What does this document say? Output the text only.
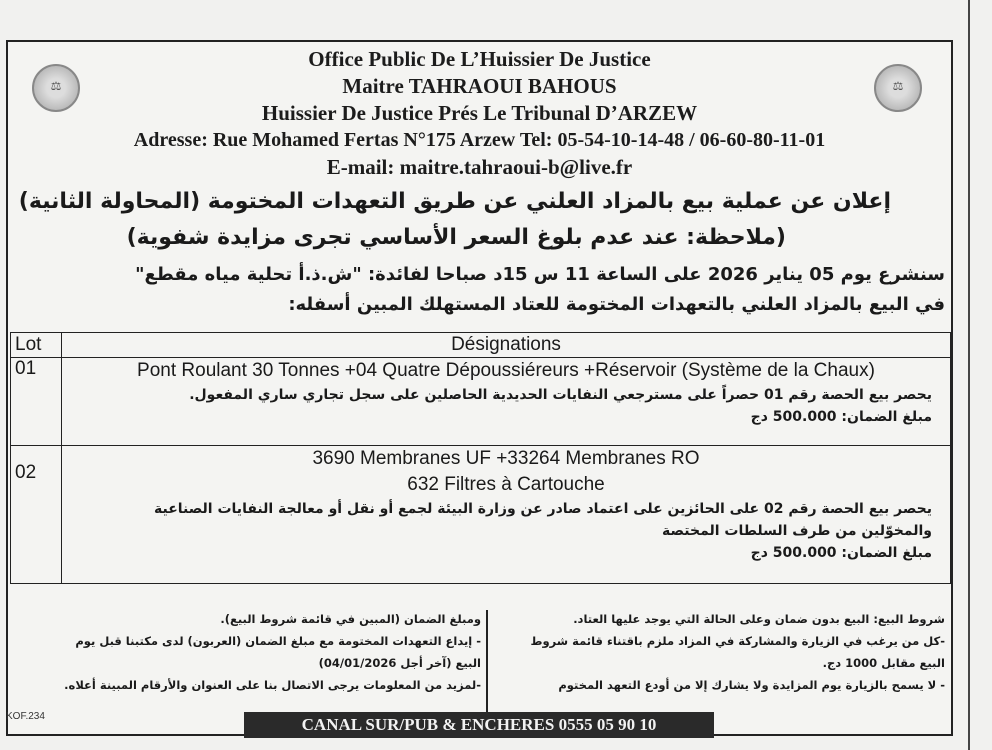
⚖	⚖
Office Public De L’Huissier De Justice
Maitre TAHRAOUI BAHOUS
Huissier De Justice Prés Le Tribunal D’ARZEW
Adresse: Rue Mohamed Fertas N°175 Arzew Tel: 05-54-10-14-48 / 06-60-80-11-01
E-mail: maitre.tahraoui-b@live.fr
إعلان عن عملية بيع بالمزاد العلني عن طريق التعهدات المختومة (المحاولة الثانية)
(ملاحظة: عند عدم بلوغ السعر الأساسي تجرى مزايدة شفوية)
سنشرع يوم 05 يناير 2026 على الساعة 11 س 15د صباحا لفائدة: "ش.ذ.أ تحلية مياه مقطع"
في البيع بالمزاد العلني بالتعهدات المختومة للعتاد المستهلك المبين أسفله:
Lot	Désignations
01	Pont Roulant 30 Tonnes +04 Quatre Dépoussiéreurs +Réservoir (Système de la Chaux)
يحصر بيع الحصة رقم 01 حصراً على مسترجعي النفايات الحديدية الحاصلين على سجل تجاري ساري المفعول.
مبلغ الضمان: 500.000 دج

02	3690 Membranes UF +33264 Membranes RO
632 Filtres à Cartouche
يحصر بيع الحصة رقم 02 على الحائزين على اعتماد صادر عن وزارة البيئة لجمع أو نقل أو معالجة النفايات الصناعية
والمخوّلين من طرف السلطات المختصة
مبلغ الضمان: 500.000 دج
شروط البيع: البيع بدون ضمان وعلى الحالة التي يوجد عليها العتاد.
-كل من يرغب في الزيارة والمشاركة في المزاد ملزم باقتناء قائمة شروط
البيع مقابل 1000 دج.
- لا يسمح بالزيارة يوم المزايدة ولا يشارك إلا من أودع التعهد المختوم
ومبلغ الضمان (المبين في قائمة شروط البيع).
- إيداع التعهدات المختومة مع مبلغ الضمان (العربون) لدى مكتبنا قبل يوم
البيع (آخر أجل 04/01/2026)
-لمزيد من المعلومات يرجى الاتصال بنا على العنوان والأرقام المبينة أعلاه.
KOF.234	CANAL SUR/PUB & ENCHERES 0555 05 90 10
